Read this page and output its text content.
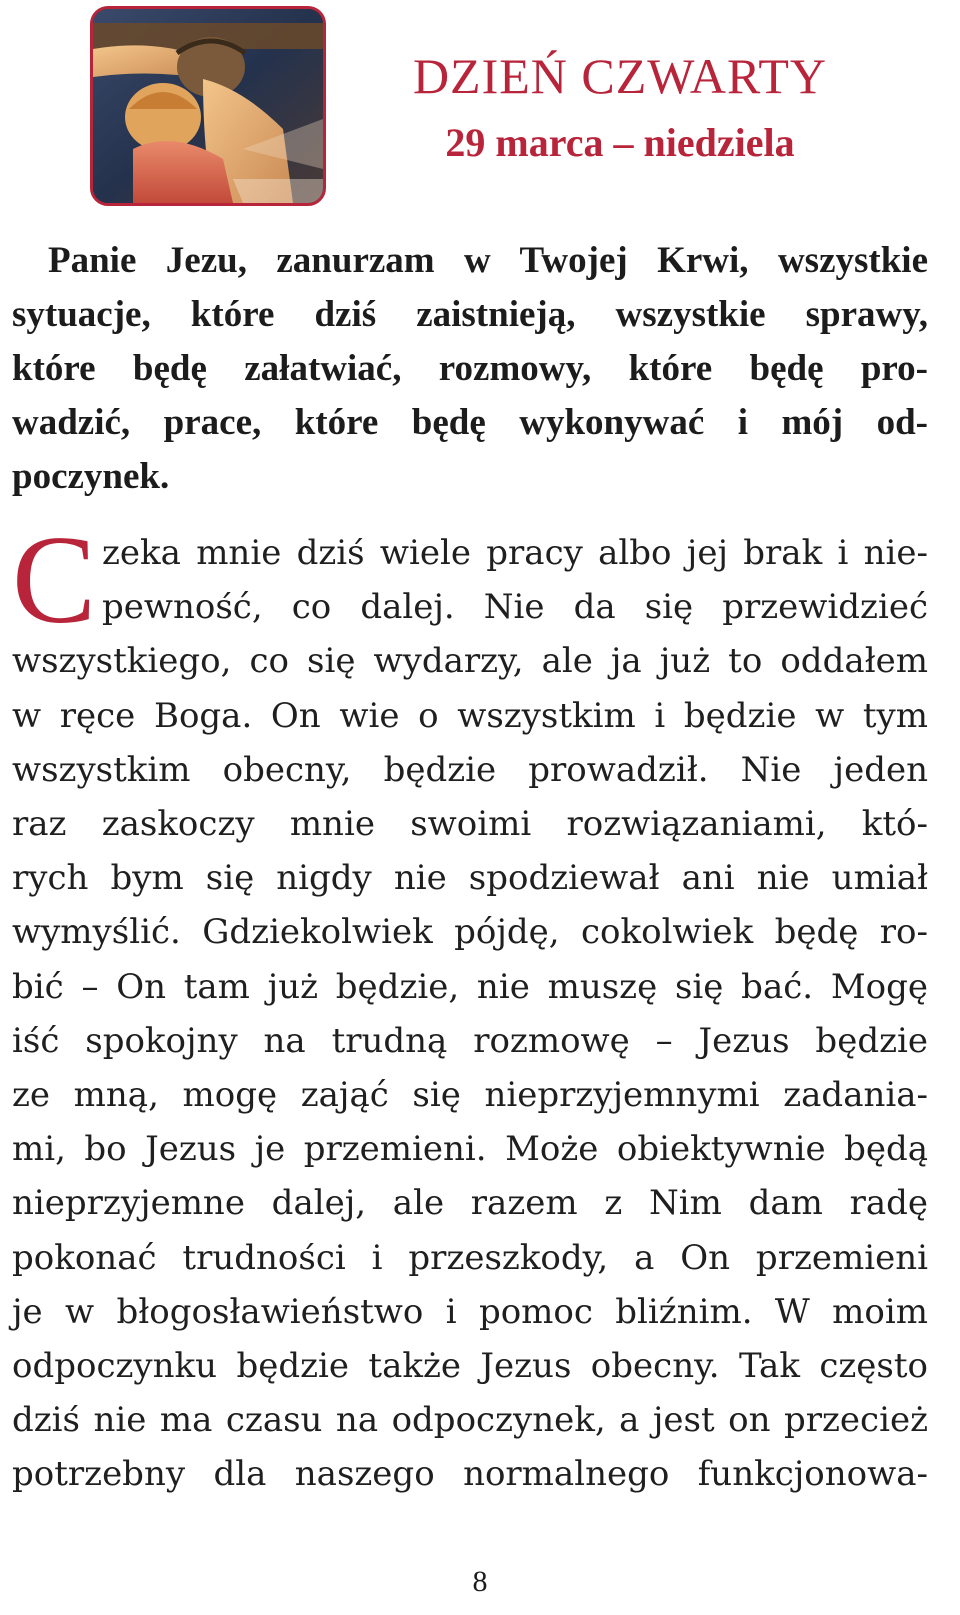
DZIEŃ CZWARTY
29 marca – niedziela
Panie Jezu, zanurzam w Twojej Krwi, wszystkie
sytuacje, które dziś zaistnieją, wszystkie sprawy,
które będę załatwiać, rozmowy, które będę pro-
wadzić, prace, które będę wykonywać i mój od-
poczynek.
C zeka mnie dziś wiele pracy albo jej brak i nie-
pewność, co dalej. Nie da się przewidzieć
wszystkiego, co się wydarzy, ale ja już to oddałem
w ręce Boga. On wie o wszystkim i będzie w tym
wszystkim obecny, będzie prowadził. Nie jeden
raz zaskoczy mnie swoimi rozwiązaniami, któ-
rych bym się nigdy nie spodziewał ani nie umiał
wymyślić. Gdziekolwiek pójdę, cokolwiek będę ro-
bić – On tam już będzie, nie muszę się bać. Mogę
iść spokojny na trudną rozmowę – Jezus będzie
ze mną, mogę zająć się nieprzyjemnymi zadania-
mi, bo Jezus je przemieni. Może obiektywnie będą
nieprzyjemne dalej, ale razem z Nim dam radę
pokonać trudności i przeszkody, a On przemieni
je w błogosławieństwo i pomoc bliźnim. W moim
odpoczynku będzie także Jezus obecny. Tak często
dziś nie ma czasu na odpoczynek, a jest on przecież
potrzebny dla naszego normalnego funkcjonowa-
8
